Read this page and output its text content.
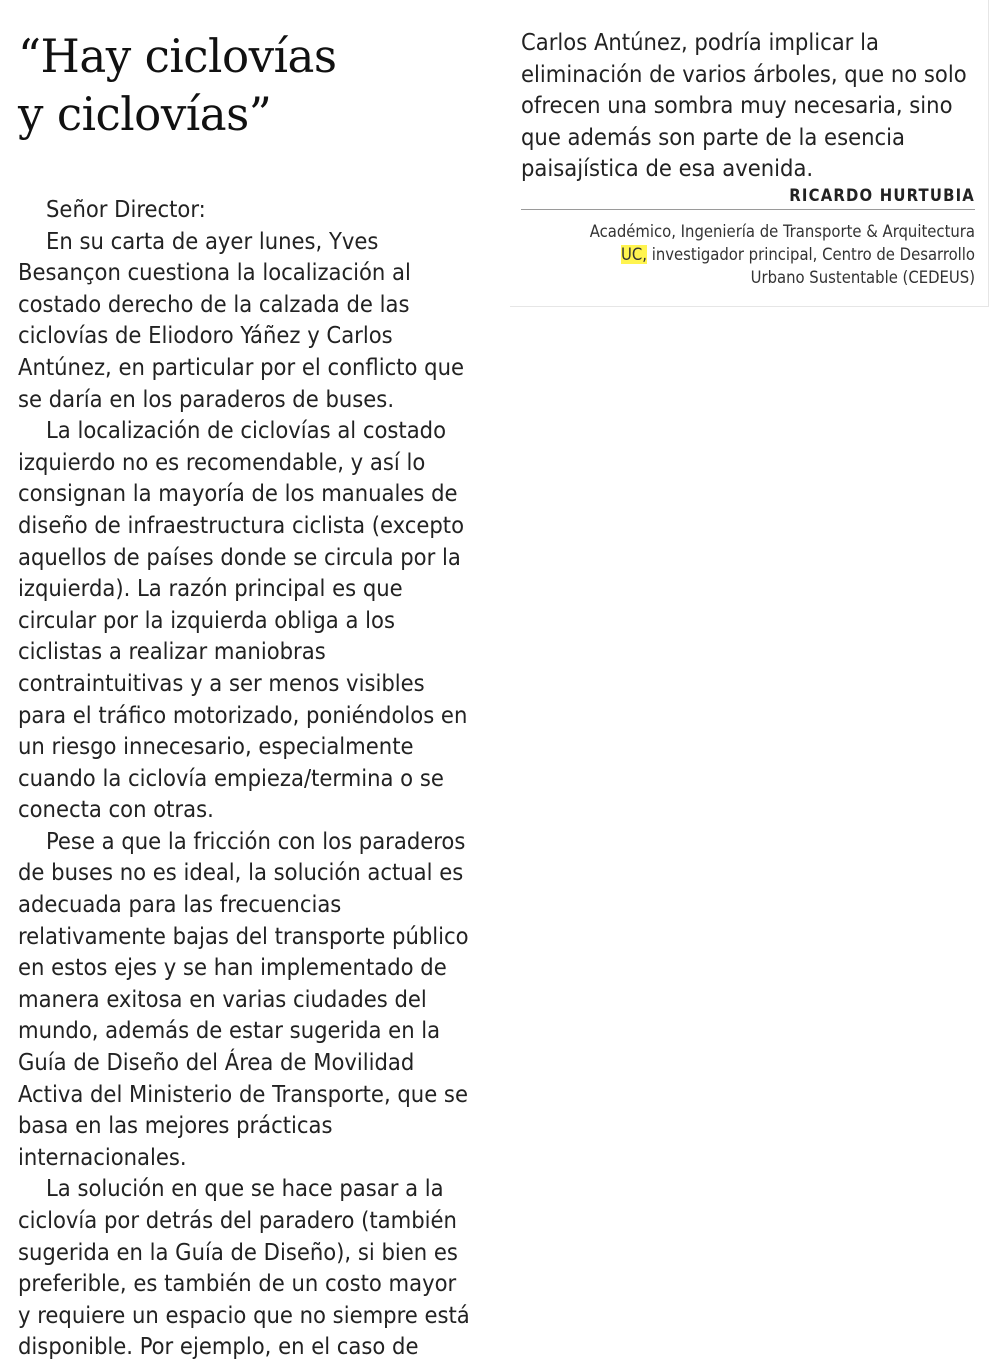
“Hay ciclovías
y ciclovías”

Señor Director:

En su carta de ayer lunes, Yves Besançon cuestiona la localización al costado derecho de la calzada de las ciclovías de Eliodoro Yáñez y Carlos Antúnez, en particular por el conflicto que se daría en los paraderos de buses.

La localización de ciclovías al costado izquierdo no es recomendable, y así lo consignan la mayoría de los manuales de diseño de infraestructura ciclista (excepto aquellos de países donde se circula por la izquierda). La razón principal es que circular por la izquierda obliga a los ciclistas a realizar maniobras contraintuitivas y a ser menos visibles para el tráfico motorizado, poniéndolos en un riesgo innecesario, especialmente cuando la ciclovía empieza/termina o se conecta con otras.

Pese a que la fricción con los paraderos de buses no es ideal, la solución actual es adecuada para las frecuencias relativamente bajas del transporte público en estos ejes y se han implementado de manera exitosa en varias ciudades del mundo, además de estar sugerida en la Guía de Diseño del Área de Movilidad Activa del Ministerio de Transporte, que se basa en las mejores prácticas internacionales.

La solución en que se hace pasar a la ciclovía por detrás del paradero (también sugerida en la Guía de Diseño), si bien es preferible, es también de un costo mayor y requiere un espacio que no siempre está disponible. Por ejemplo, en el caso de

Carlos Antúnez, podría implicar la eliminación de varios árboles, que no solo ofrecen una sombra muy necesaria, sino que además son parte de la esencia paisajística de esa avenida.

RICARDO HURTUBIA
Académico, Ingeniería de Transporte & Arquitectura
UC, investigador principal, Centro de Desarrollo
Urbano Sustentable (CEDEUS)
